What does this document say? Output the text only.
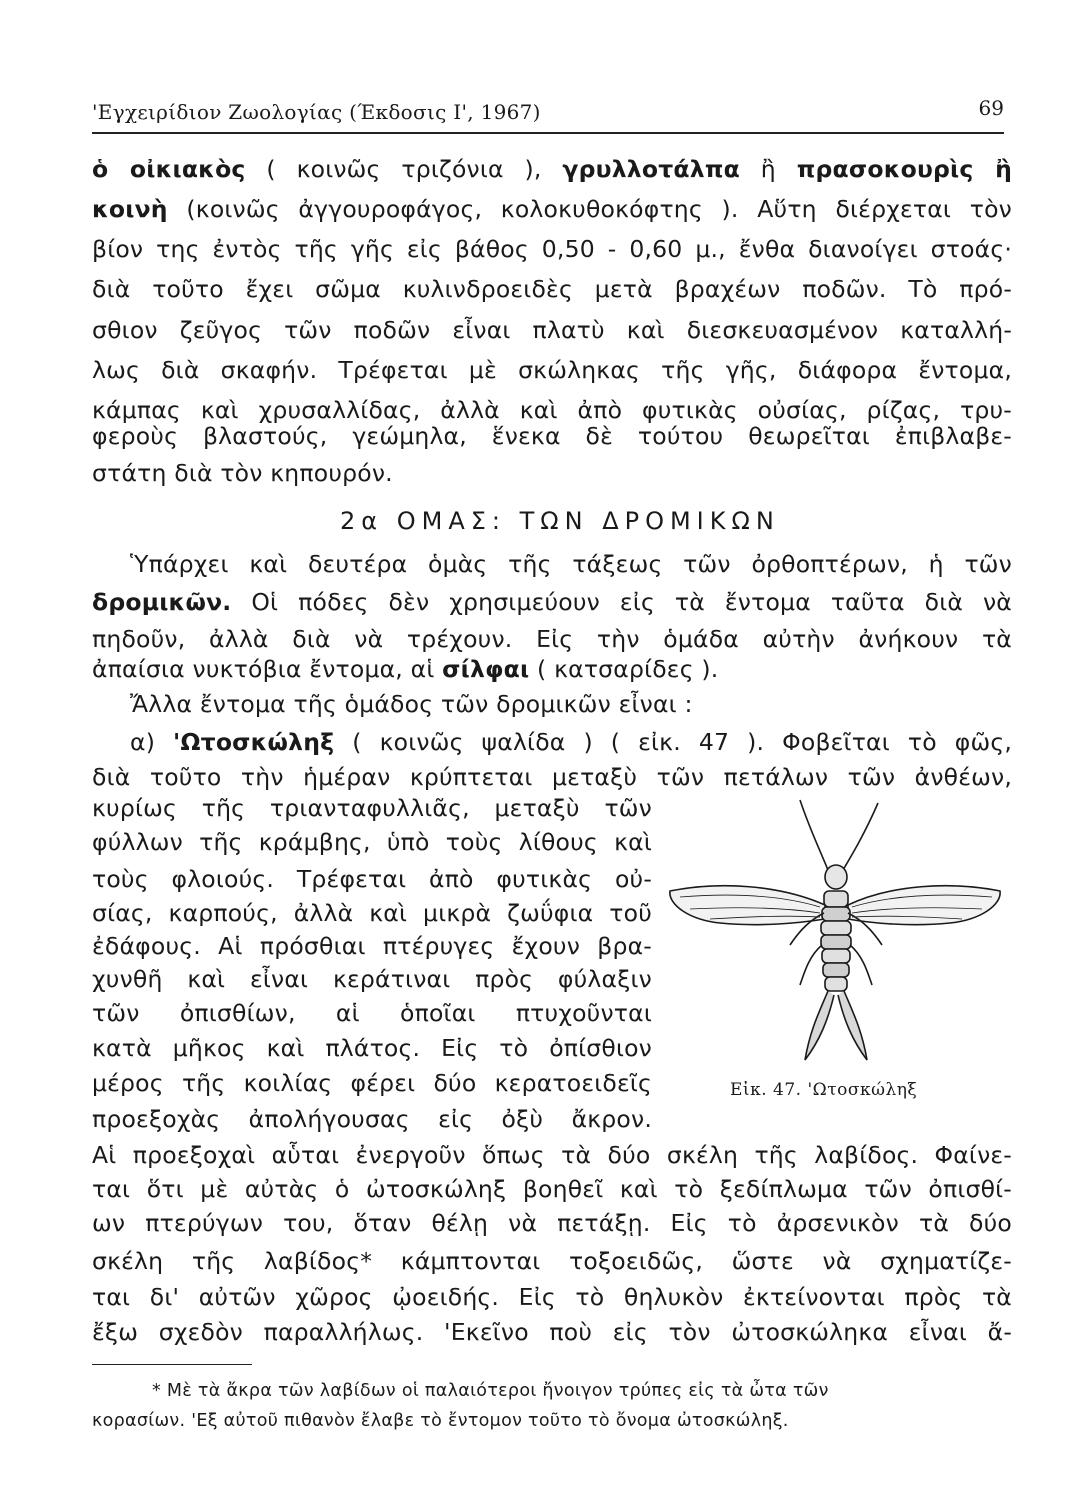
'Εγχειρίδιον Ζωολογίας (Έκδοσις Ι', 1967)	69
ὁ οἰκιακὸς ( κοινῶς τριζόνια ), γρυλλοτάλπα ἢ πρασοκουρὶς ἢ
κοινὴ (κοινῶς ἀγγουροφάγος, κολοκυθοκόφτης ). Αὕτη διέρχεται τὸν
βίον της ἐντὸς τῆς γῆς εἰς βάθος 0,50 - 0,60 μ., ἔνθα διανοίγει στοάς·
διὰ τοῦτο ἔχει σῶμα κυλινδροειδὲς μετὰ βραχέων ποδῶν. Τὸ πρό-
σθιον ζεῦγος τῶν ποδῶν εἶναι πλατὺ καὶ διεσκευασμένον καταλλή-
λως διὰ σκαφήν. Τρέφεται μὲ σκώληκας τῆς γῆς, διάφορα ἔντομα,
κάμπας καὶ χρυσαλλίδας, ἀλλὰ καὶ ἀπὸ φυτικὰς οὐσίας, ρίζας, τρυ-
φεροὺς βλαστούς, γεώμηλα, ἕνεκα δὲ τούτου θεωρεῖται ἐπιβλαβε-
στάτη διὰ τὸν κηπουρόν.
2α ΟΜΑΣ: ΤΩΝ ΔΡΟΜΙΚΩΝ
Ὑπάρχει καὶ δευτέρα ὁμὰς τῆς τάξεως τῶν ὀρθοπτέρων, ἡ τῶν
δρομικῶν. Οἱ πόδες δὲν χρησιμεύουν εἰς τὰ ἔντομα ταῦτα διὰ νὰ
πηδοῦν, ἀλλὰ διὰ νὰ τρέχουν. Εἰς τὴν ὁμάδα αὐτὴν ἀνήκουν τὰ
ἀπαίσια νυκτόβια ἔντομα, αἱ σίλφαι ( κατσαρίδες ).
Ἄλλα ἔντομα τῆς ὁμάδος τῶν δρομικῶν εἶναι :
α) 'Ωτοσκώληξ ( κοινῶς ψαλίδα ) ( εἰκ. 47 ). Φοβεῖται τὸ φῶς,
διὰ τοῦτο τὴν ἡμέραν κρύπτεται μεταξὺ τῶν πετάλων τῶν ἀνθέων,
κυρίως τῆς τριανταφυλλιᾶς, μεταξὺ τῶν
φύλλων τῆς κράμβης, ὑπὸ τοὺς λίθους καὶ
τοὺς φλοιούς. Τρέφεται ἀπὸ φυτικὰς οὐ-
σίας, καρπούς, ἀλλὰ καὶ μικρὰ ζωΰφια τοῦ
ἐδάφους. Αἱ πρόσθιαι πτέρυγες ἔχουν βρα-
χυνθῆ καὶ εἶναι κεράτιναι πρὸς φύλαξιν
τῶν ὀπισθίων, αἱ ὁποῖαι πτυχοῦνται
κατὰ μῆκος καὶ πλάτος. Εἰς τὸ ὀπίσθιον
μέρος τῆς κοιλίας φέρει δύο κερατοειδεῖς
προεξοχὰς ἀπολήγουσας εἰς ὀξὺ ἄκρον.
Αἱ προεξοχαὶ αὗται ἐνεργοῦν ὅπως τὰ δύο σκέλη τῆς λαβίδος. Φαίνε-
ται ὅτι μὲ αὐτὰς ὁ ὠτοσκώληξ βοηθεῖ καὶ τὸ ξεδίπλωμα τῶν ὀπισθί-
ων πτερύγων του, ὅταν θέλῃ νὰ πετάξῃ. Εἰς τὸ ἀρσενικὸν τὰ δύο
σκέλη τῆς λαβίδος* κάμπτονται τοξοειδῶς, ὥστε νὰ σχηματίζε-
ται δι' αὐτῶν χῶρος ᾠοειδής. Εἰς τὸ θηλυκὸν ἐκτείνονται πρὸς τὰ
ἔξω σχεδὸν παραλλήλως. 'Εκεῖνο ποὺ εἰς τὸν ὠτοσκώληκα εἶναι ἄ-
Εἰκ. 47. 'Ωτοσκώληξ
* Μὲ τὰ ἄκρα τῶν λαβίδων οἱ παλαιότεροι ἤνοιγον τρύπες εἰς τὰ ὦτα τῶν
κορασίων. 'Εξ αὐτοῦ πιθανὸν ἔλαβε τὸ ἔντομον τοῦτο τὸ ὄνομα ὠτοσκώληξ.
